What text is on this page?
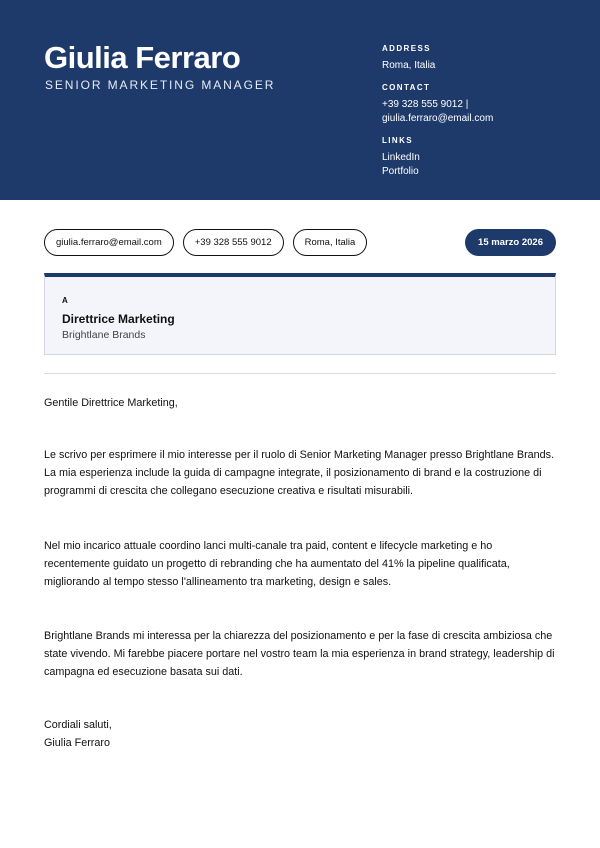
Giulia Ferraro
SENIOR MARKETING MANAGER
ADDRESS
Roma, Italia
CONTACT
+39 328 555 9012 |
giulia.ferraro@email.com
LINKS
LinkedIn
Portfolio
giulia.ferraro@email.com	+39 328 555 9012	Roma, Italia	15 marzo 2026
A
Direttrice Marketing
Brightlane Brands
Gentile Direttrice Marketing,
Le scrivo per esprimere il mio interesse per il ruolo di Senior Marketing Manager presso Brightlane Brands. La mia esperienza include la guida di campagne integrate, il posizionamento di brand e la costruzione di programmi di crescita che collegano esecuzione creativa e risultati misurabili.
Nel mio incarico attuale coordino lanci multi-canale tra paid, content e lifecycle marketing e ho recentemente guidato un progetto di rebranding che ha aumentato del 41% la pipeline qualificata, migliorando al tempo stesso l'allineamento tra marketing, design e sales.
Brightlane Brands mi interessa per la chiarezza del posizionamento e per la fase di crescita ambiziosa che state vivendo. Mi farebbe piacere portare nel vostro team la mia esperienza in brand strategy, leadership di campagna ed esecuzione basata sui dati.
Cordiali saluti,
Giulia Ferraro
